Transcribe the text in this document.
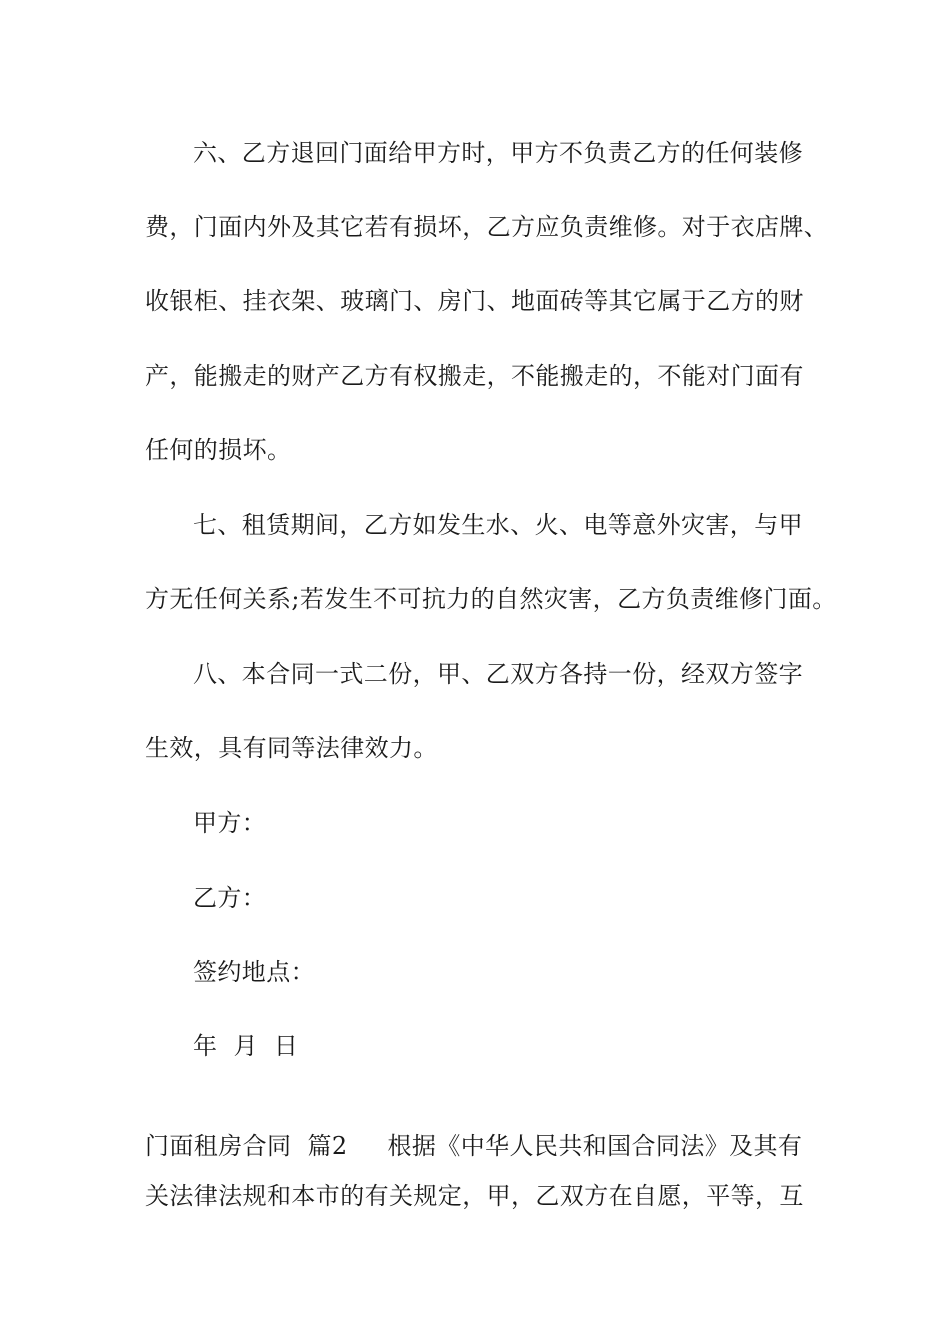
六、乙方退回门面给甲方时，甲方不负责乙方的任何装修

费，门面内外及其它若有损坏，乙方应负责维修。对于衣店牌、

收银柜、挂衣架、玻璃门、房门、地面砖等其它属于乙方的财

产，能搬走的财产乙方有权搬走，不能搬走的，不能对门面有

任何的损坏。

七、租赁期间，乙方如发生水、火、电等意外灾害，与甲

方无任何关系;若发生不可抗力的自然灾害，乙方负责维修门面。

八、本合同一式二份，甲、乙双方各持一份，经双方签字

生效，具有同等法律效力。

甲方：

乙方：

签约地点：

年  月  日

门面租房合同  篇2 根据《中华人民共和国合同法》及其有

关法律法规和本市的有关规定，甲，乙双方在自愿，平等，互
